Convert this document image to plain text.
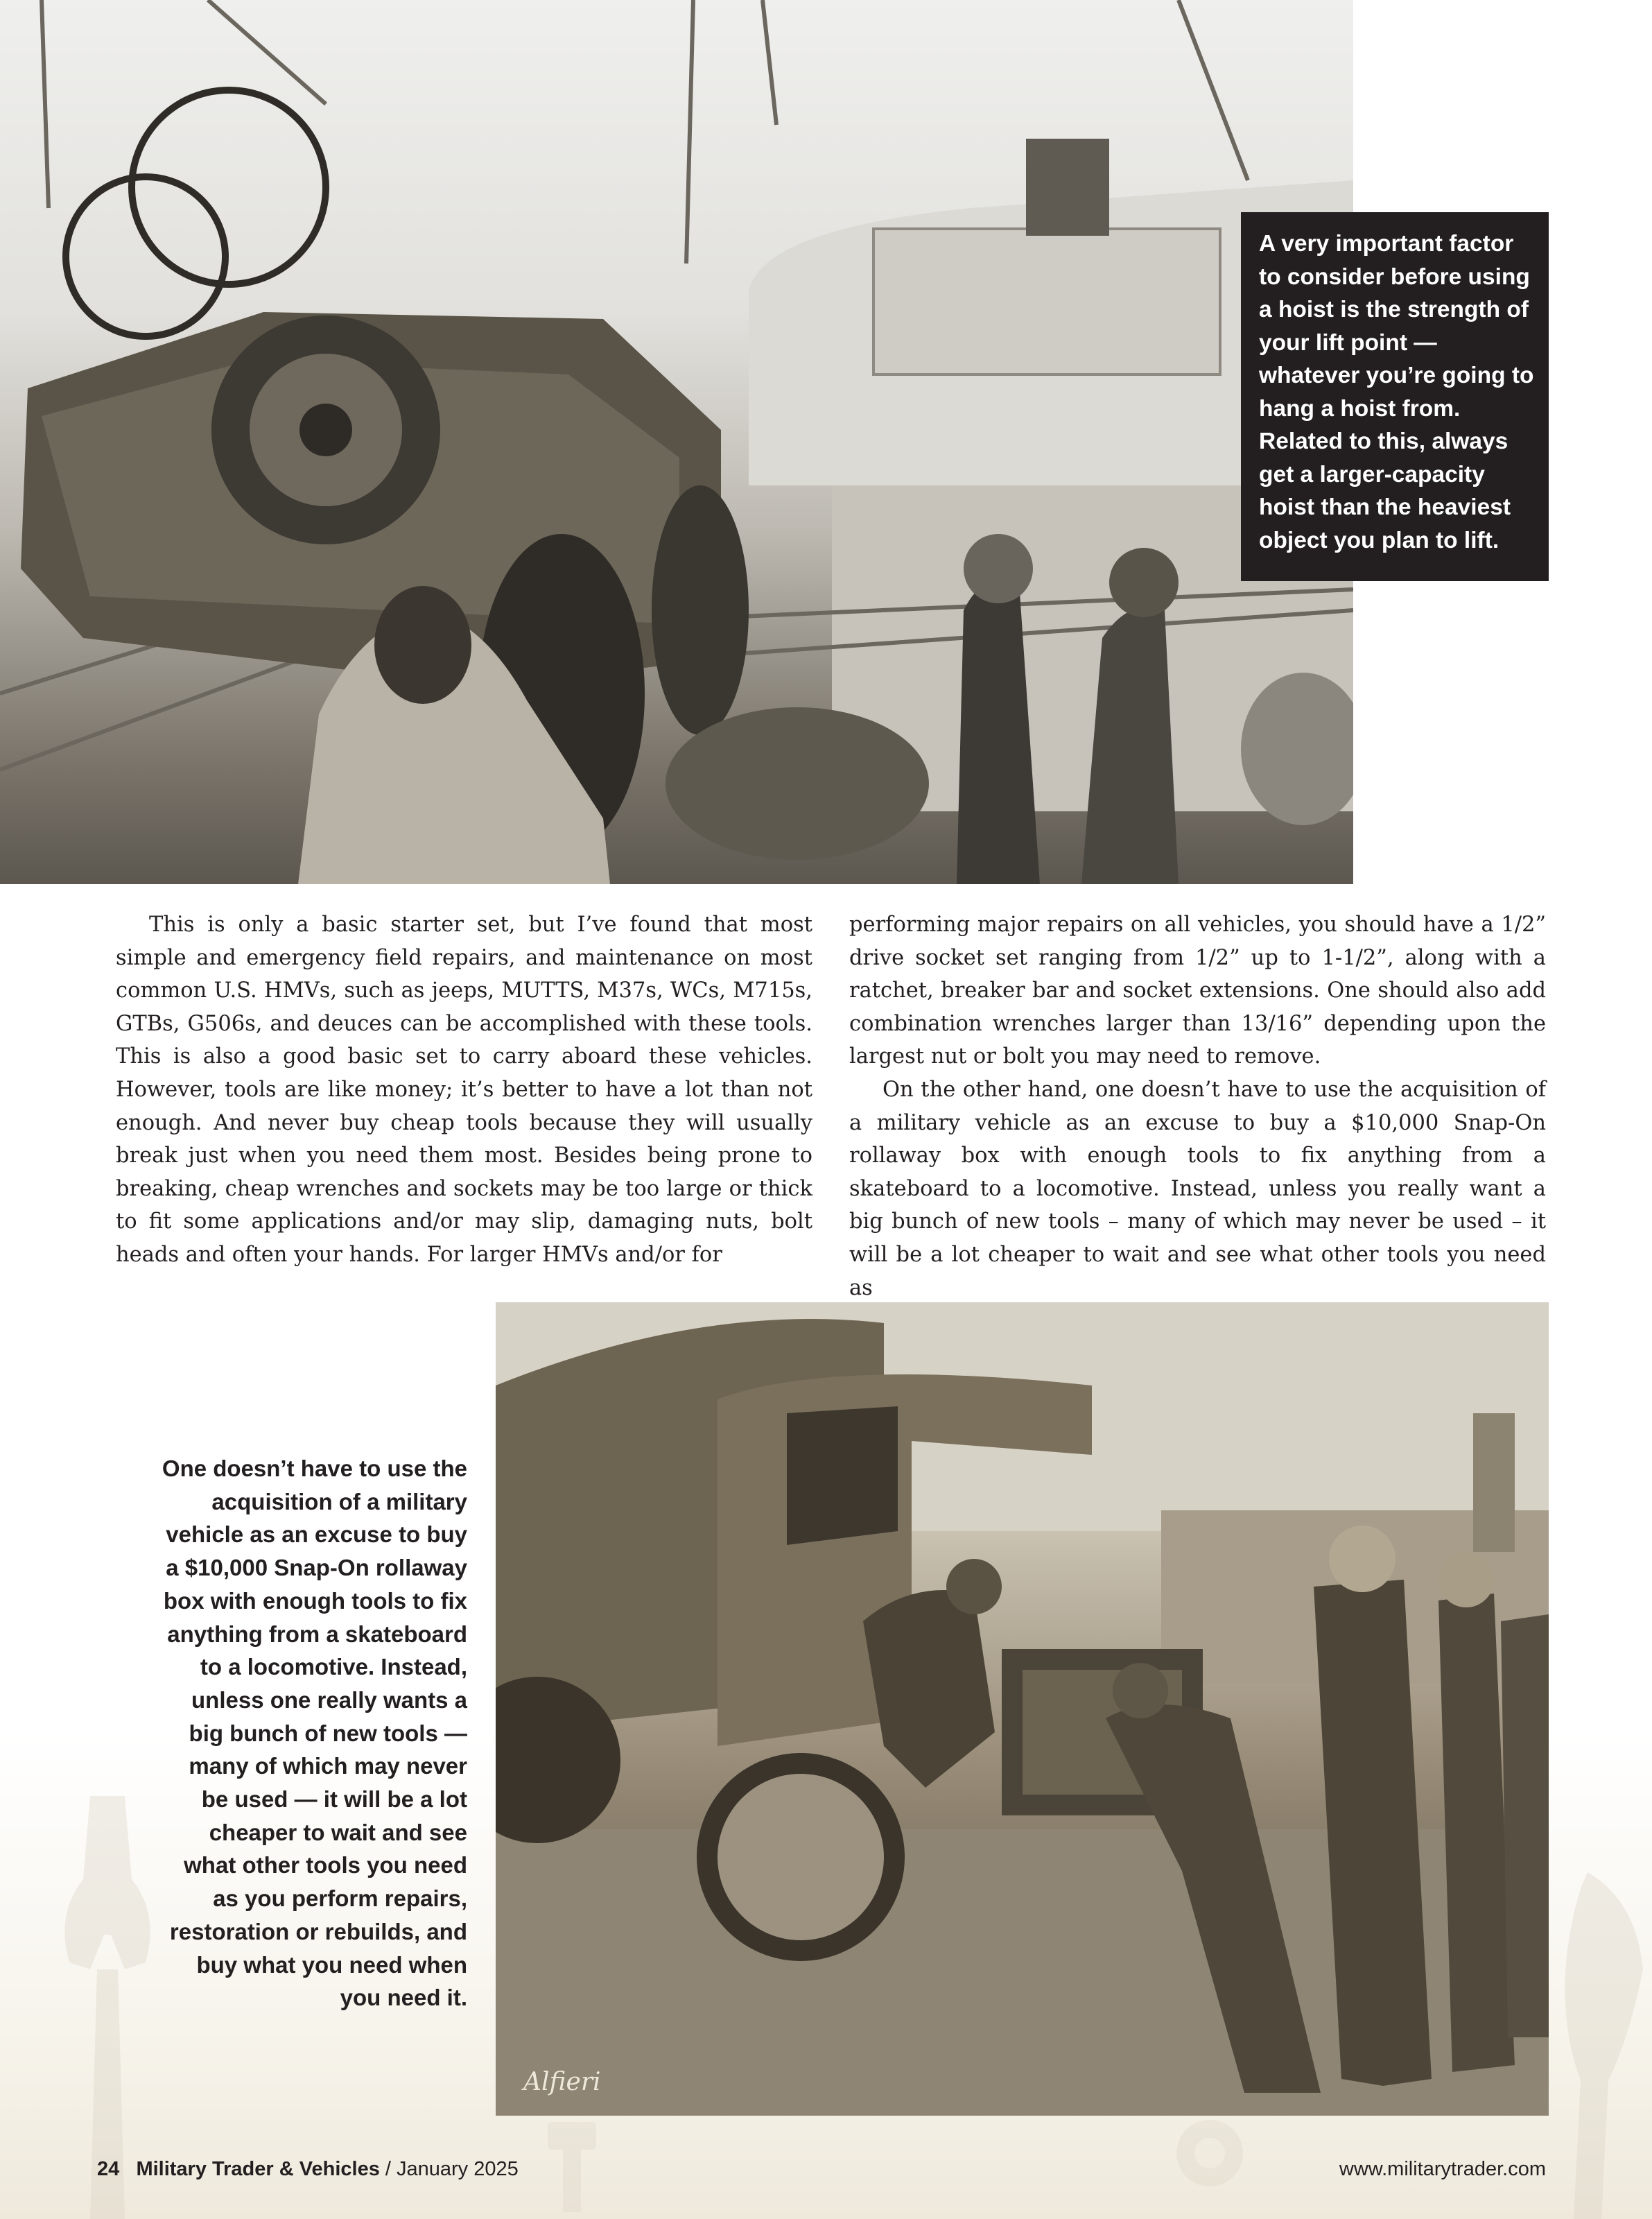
A very important factor to consider before using a hoist is the strength of your lift point — whatever you’re going to hang a hoist from. Related to this, always get a larger-capacity hoist than the heaviest object you plan to lift.

This is only a basic starter set, but I’ve found that most simple and emergency field repairs, and maintenance on most common U.S. HMVs, such as jeeps, MUTTS, M37s, WCs, M715s, GTBs, G506s, and deuces can be accomplished with these tools. This is also a good basic set to carry aboard these vehicles. However, tools are like money; it’s better to have a lot than not enough. And never buy cheap tools because they will usually break just when you need them most. Besides being prone to breaking, cheap wrenches and sockets may be too large or thick to fit some applications and/or may slip, damaging nuts, bolt heads and often your hands. For larger HMVs and/or for

performing major repairs on all vehicles, you should have a 1/2” drive socket set ranging from 1/2” up to 1-1/2”, along with a ratchet, breaker bar and socket extensions. One should also add combination wrenches larger than 13/16” depending upon the largest nut or bolt you may need to remove.

On the other hand, one doesn’t have to use the acquisition of a military vehicle as an excuse to buy a $10,000 Snap-On rollaway box with enough tools to fix anything from a skateboard to a locomotive. Instead, unless you really want a big bunch of new tools – many of which may never be used – it will be a lot cheaper to wait and see what other tools you need as

Alfieri

One doesn’t have to use the acquisition of a military vehicle as an excuse to buy a $10,000 Snap-On rollaway box with enough tools to fix anything from a skateboard to a locomotive. Instead, unless one really wants a big bunch of new tools — many of which may never be used — it will be a lot cheaper to wait and see what other tools you need as you perform repairs, restoration or rebuilds, and buy what you need when you need it.

24 Military Trader & Vehicles / January 2025	www.militarytrader.com
